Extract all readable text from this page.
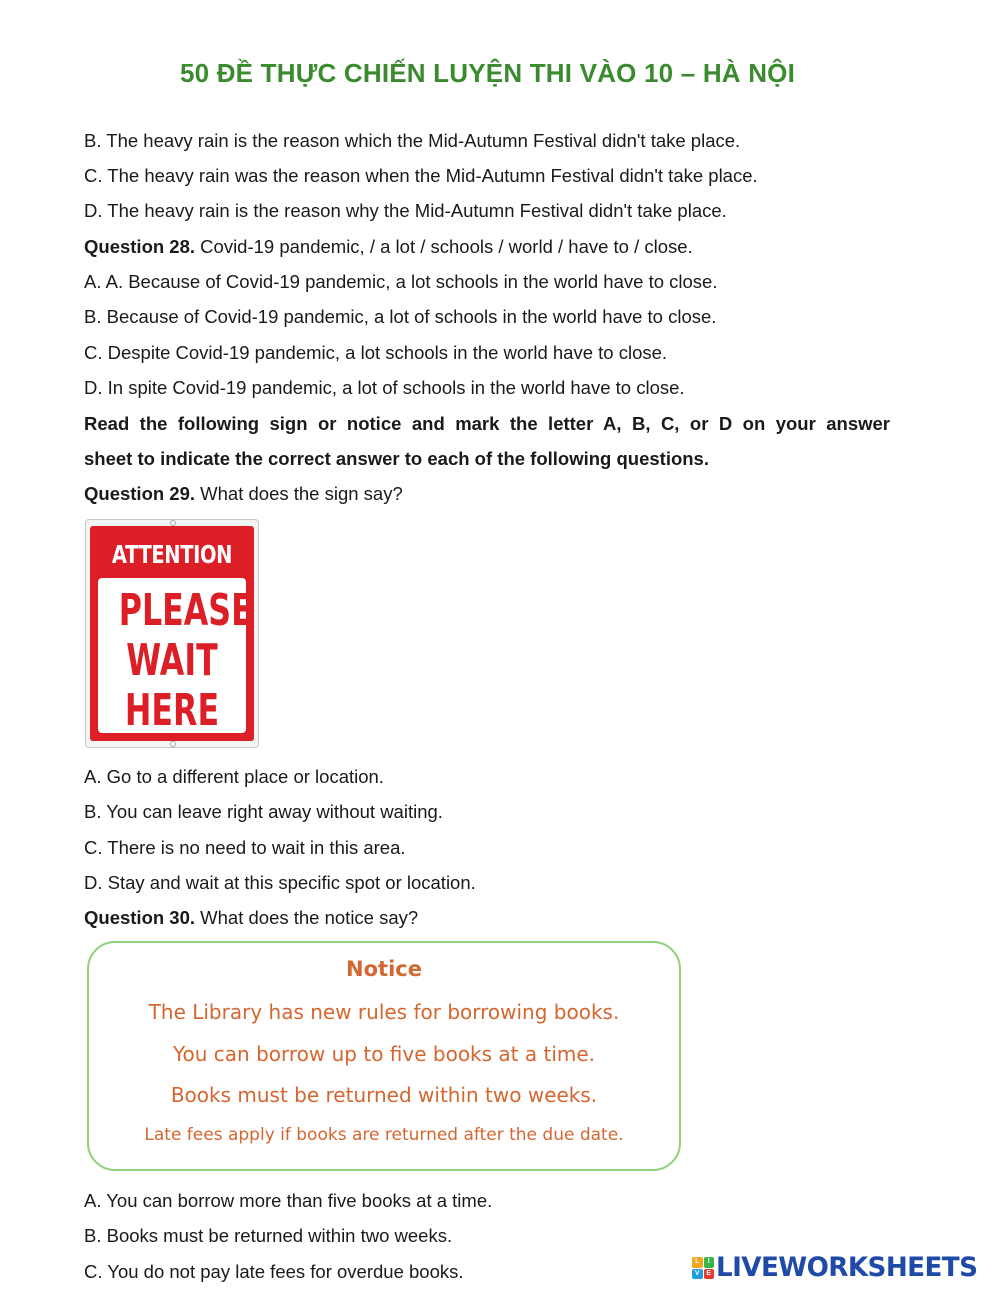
50 ĐỀ THỰC CHIẾN LUYỆN THI VÀO 10 – HÀ NỘI
B. The heavy rain is the reason which the Mid-Autumn Festival didn't take place.
C. The heavy rain was the reason when the Mid-Autumn Festival didn't take place.
D. The heavy rain is the reason why the Mid-Autumn Festival didn't take place.
Question 28. Covid-19 pandemic, / a lot / schools / world / have to / close.
A. A. Because of Covid-19 pandemic, a lot schools in the world have to close.
B. Because of Covid-19 pandemic, a lot of schools in the world have to close.
C. Despite Covid-19 pandemic, a lot schools in the world have to close.
D. In spite Covid-19 pandemic, a lot of schools in the world have to close.
Read the following sign or notice and mark the letter A, B, C, or D on your answer
sheet to indicate the correct answer to each of the following questions.
Question 29. What does the sign say?
ATTENTION
PLEASE
WAIT
HERE
A. Go to a different place or location.
B. You can leave right away without waiting.
C. There is no need to wait in this area.
D. Stay and wait at this specific spot or location.
Question 30. What does the notice say?
Notice
The Library has new rules for borrowing books.
You can borrow up to five books at a time.
Books must be returned within two weeks.
Late fees apply if books are returned after the due date.
A. You can borrow more than five books at a time.
B. Books must be returned within two weeks.
C. You do not pay late fees for overdue books.	L	I
V E LIVEWORKSHEETS
